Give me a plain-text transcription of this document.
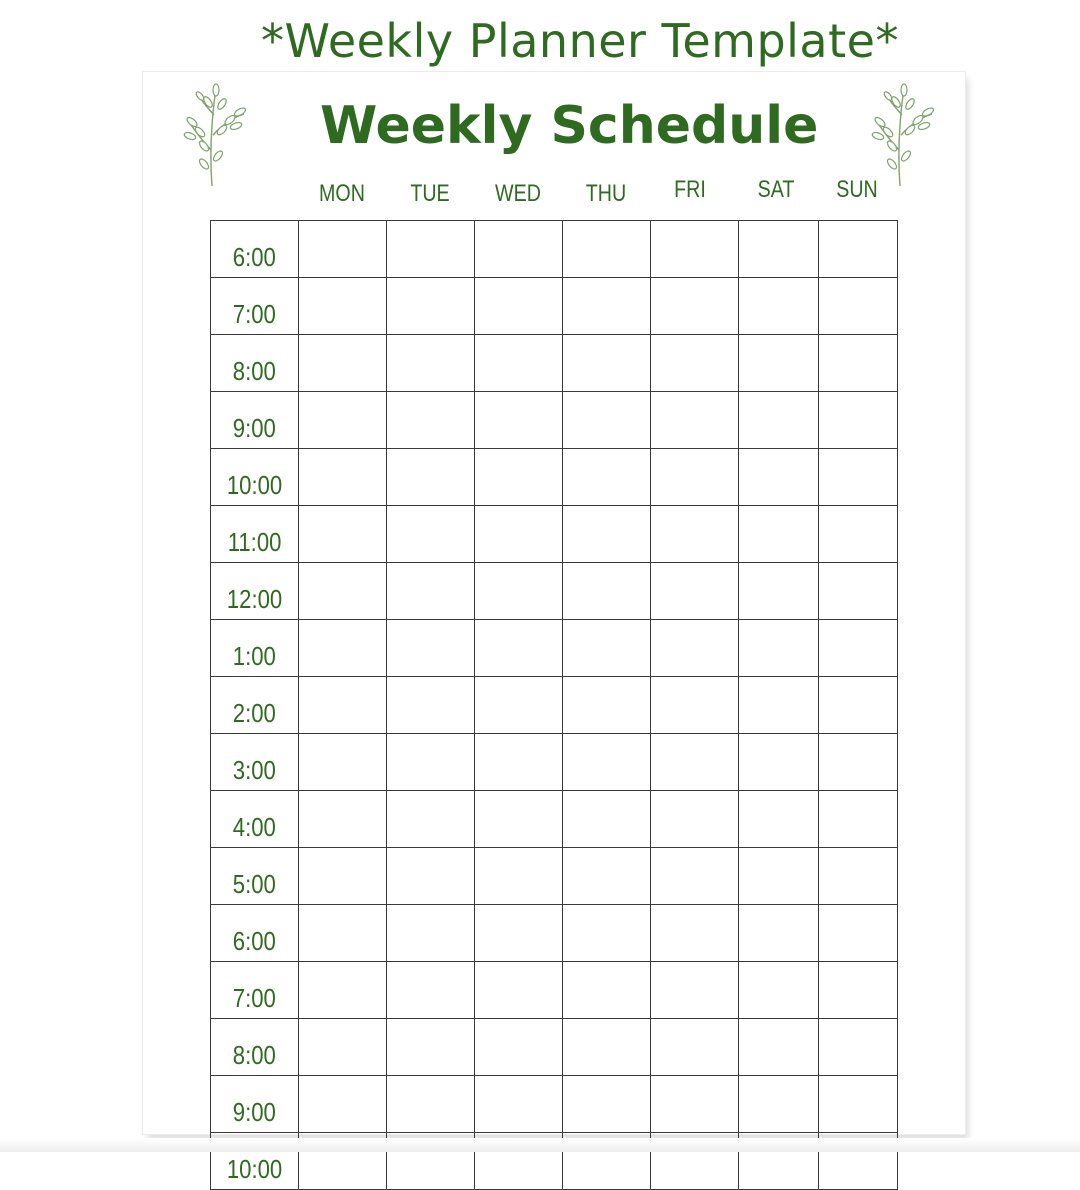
*Weekly Planner Template*
Weekly Schedule
MON	TUE	WED	THU	FRI	SAT	SUN
6:00							
7:00							
8:00							
9:00							
10:00							
11:00							
12:00							
1:00							
2:00							
3:00							
4:00							
5:00							
6:00							
7:00							
8:00							
9:00							
10:00							
